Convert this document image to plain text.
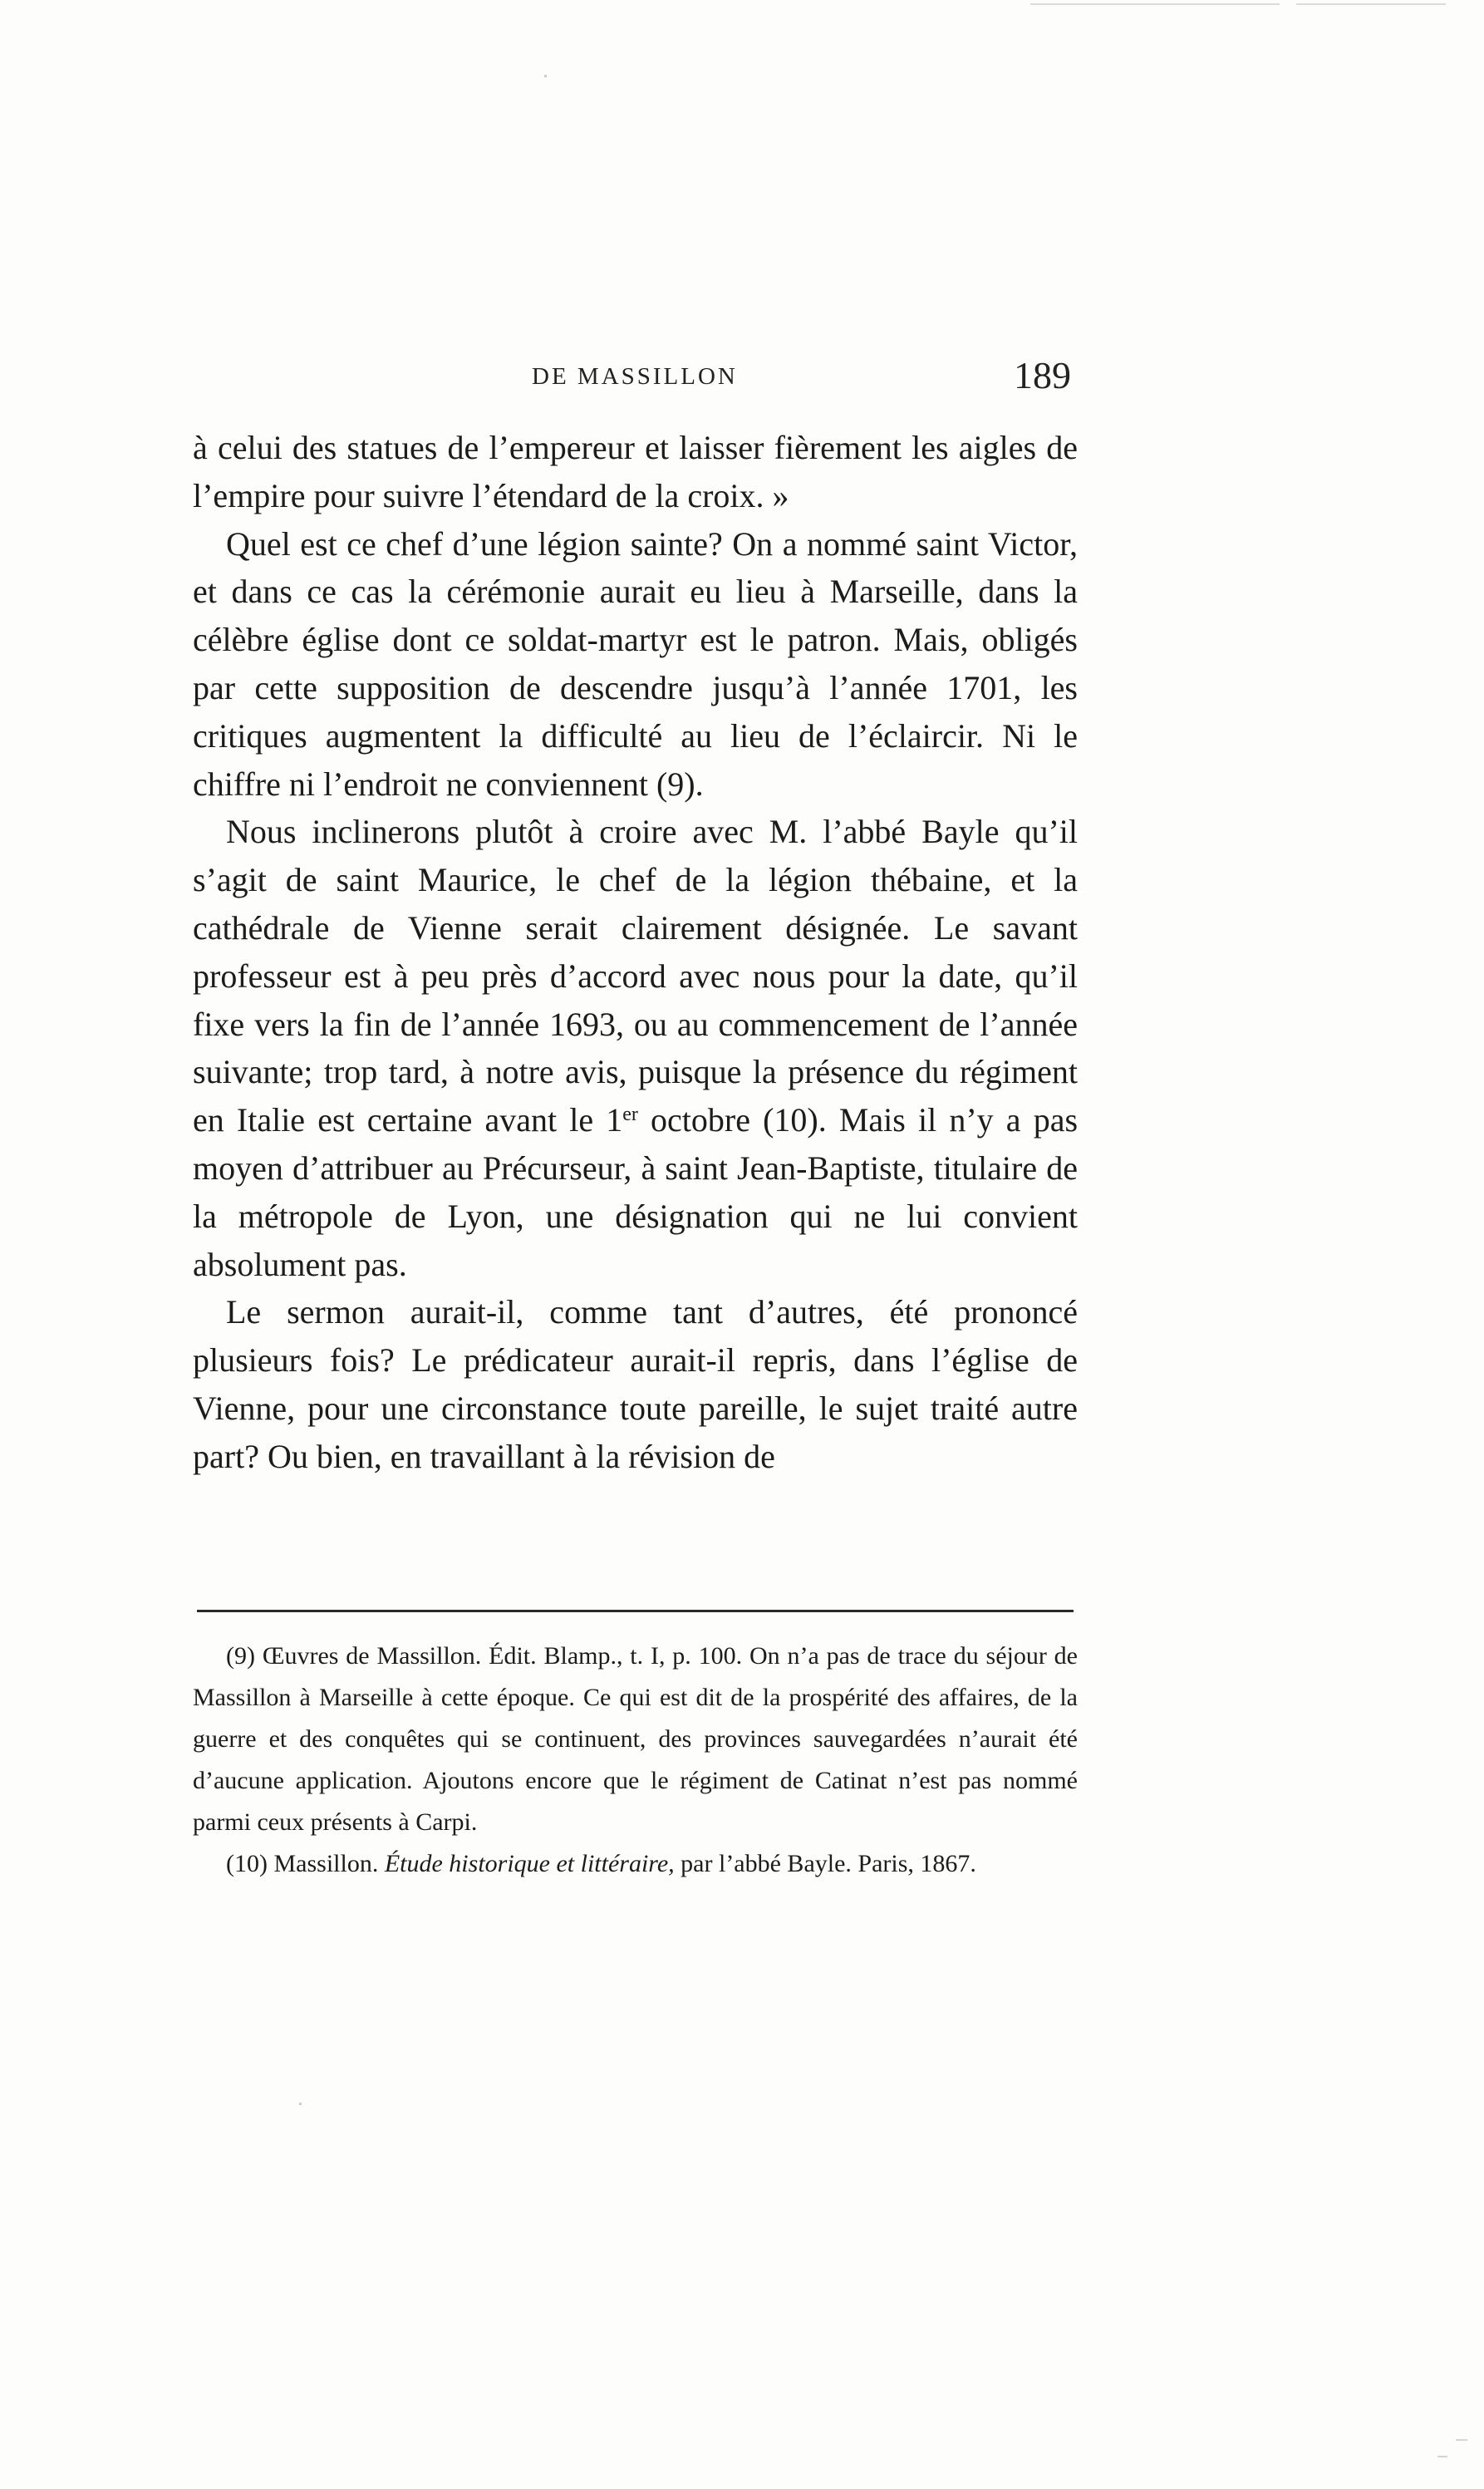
DE MASSILLON	189

à celui des statues de l’empereur et laisser fièrement les aigles de l’empire pour suivre l’étendard de la croix. »

Quel est ce chef d’une légion sainte? On a nommé saint Victor, et dans ce cas la cérémonie aurait eu lieu à Marseille, dans la célèbre église dont ce soldat-martyr est le patron. Mais, obligés par cette supposition de descendre jusqu’à l’année 1701, les critiques augmentent la difficulté au lieu de l’éclaircir. Ni le chiffre ni l’endroit ne conviennent (9).

Nous inclinerons plutôt à croire avec M. l’abbé Bayle qu’il s’agit de saint Maurice, le chef de la légion thébaine, et la cathédrale de Vienne serait clairement désignée. Le savant professeur est à peu près d’accord avec nous pour la date, qu’il fixe vers la fin de l’année 1693, ou au commencement de l’année suivante; trop tard, à notre avis, puisque la présence du régiment en Italie est certaine avant le 1er octobre (10). Mais il n’y a pas moyen d’attribuer au Précurseur, à saint Jean-Baptiste, titulaire de la métropole de Lyon, une désignation qui ne lui convient absolument pas.

Le sermon aurait-il, comme tant d’autres, été prononcé plusieurs fois? Le prédicateur aurait-il repris, dans l’église de Vienne, pour une circonstance toute pareille, le sujet traité autre part? Ou bien, en travaillant à la révision de

(9) Œuvres de Massillon. Édit. Blamp., t. I, p. 100. On n’a pas de trace du séjour de Massillon à Marseille à cette époque. Ce qui est dit de la prospérité des affaires, de la guerre et des conquêtes qui se continuent, des provinces sauvegardées n’aurait été d’aucune application. Ajoutons encore que le régiment de Catinat n’est pas nommé parmi ceux présents à Carpi.

(10) Massillon. Étude historique et littéraire, par l’abbé Bayle. Paris, 1867.
